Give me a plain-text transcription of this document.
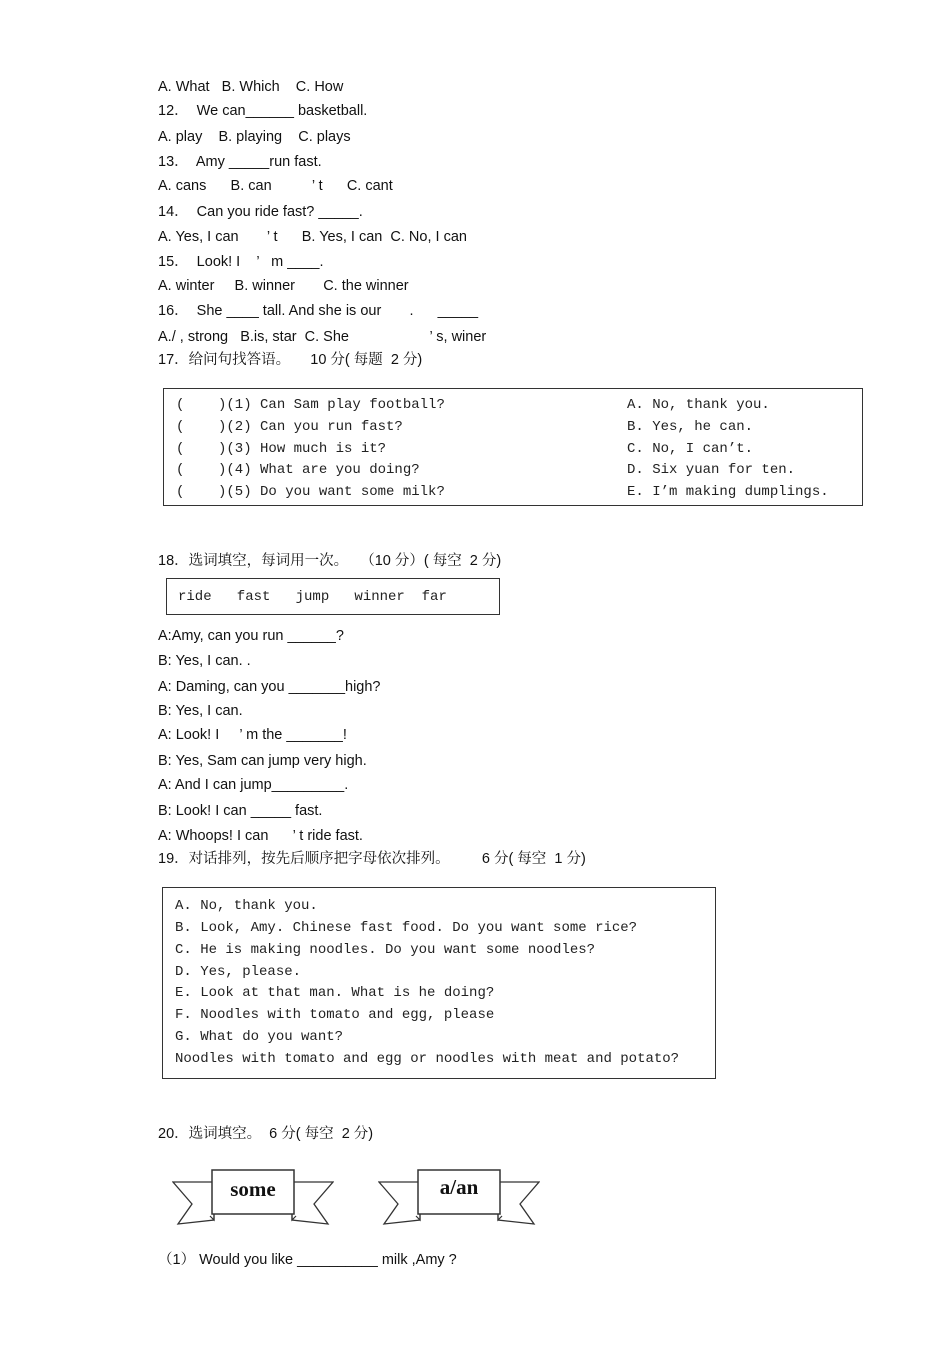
A. What   B. Which    C. How
12．  We can______ basketball.
A. play    B. playing    C. plays
13．  Amy _____run fast.
A. cans      B. can          ’ t      C. cant
14．  Can you ride fast? _____.
A. Yes, I can       ’ t      B. Yes, I can  C. No, I can
15．  Look! I    ’   m ____.
A. winter     B. winner       C. the winner
16．  She ____ tall. And she is our       .      _____
A./ , strong   B.is, star  C. She                    ’ s, winer
17．给问句找答语。     10 分( 每题  2 分)
(    )(1) Can Sam play football?
(    )(2) Can you run fast?
(    )(3) How much is it?
(    )(4) What are you doing?
(    )(5) Do you want some milk?
A. No, thank you.
B. Yes, he can.
C. No, I can’t.
D. Six yuan for ten.
E. I’m making dumplings.
18．选词填空，每词用一次。   （10 分）( 每空  2 分)
ride   fast   jump   winner  far
A:Amy, can you run ______?
B: Yes, I can. .
A: Daming, can you _______high?
B: Yes, I can.
A: Look! I     ’ m the _______!
B: Yes, Sam can jump very high.
A: And I can jump_________.
B: Look! I can _____ fast.
A: Whoops! I can      ’ t ride fast.
19．对话排列，按先后顺序把字母依次排列。        6 分( 每空  1 分)
A. No, thank you.
B. Look, Amy. Chinese fast food. Do you want some rice?
C. He is making noodles. Do you want some noodles?
D. Yes, please.
E. Look at that man. What is he doing?
F. Noodles with tomato and egg, please
G. What do you want?
Noodles with tomato and egg or noodles with meat and potato?
20．选词填空。  6 分( 每空  2 分)
some	a/an
（1） Would you like __________ milk ,Amy ?
